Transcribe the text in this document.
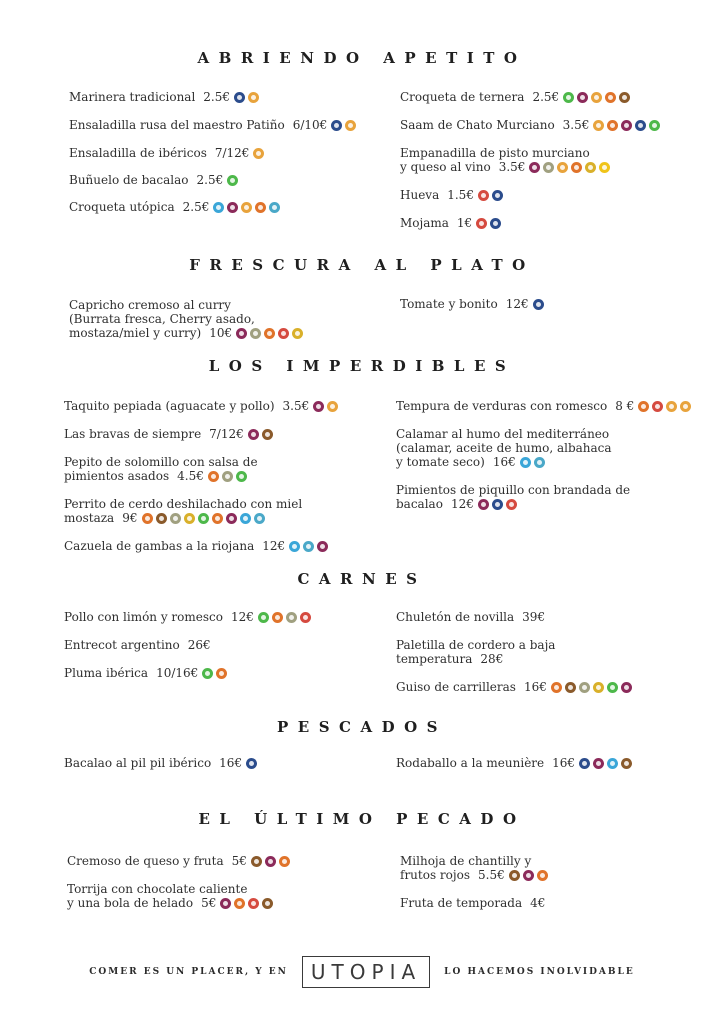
ABRIENDO APETITO
FRESCURA AL PLATO
LOS IMPERDIBLES
CARNES
PESCADOS
EL ÚLTIMO PECADO
Marinera tradicional 2.5€
Ensaladilla rusa del maestro Patiño 6/10€
Ensaladilla de ibéricos 7/12€
Buñuelo de bacalao 2.5€
Croqueta utópica 2.5€
Croqueta de ternera 2.5€
Saam de Chato Murciano 3.5€
Empanadilla de pisto murciano
y queso al vino 3.5€
Hueva 1.5€
Mojama 1€
Capricho cremoso al curry
(Burrata fresca, Cherry asado,
mostaza/miel y curry) 10€
Tomate y bonito 12€
Taquito pepiada (aguacate y pollo) 3.5€
Las bravas de siempre 7/12€
Pepito de solomillo con salsa de
pimientos asados 4.5€
Perrito de cerdo deshilachado con miel
mostaza 9€
Cazuela de gambas a la riojana 12€
Tempura de verduras con romesco 8 €
Calamar al humo del mediterráneo
(calamar, aceite de humo, albahaca
y tomate seco) 16€
Pimientos de piquillo con brandada de
bacalao 12€
Pollo con limón y romesco 12€
Entrecot argentino 26€
Pluma ibérica 10/16€
Chuletón de novilla 39€
Paletilla de cordero a baja
temperatura 28€
Guiso de carrilleras 16€
Bacalao al pil pil ibérico 16€	Rodaballo a la meunière 16€
Cremoso de queso y fruta 5€
Torrija con chocolate caliente
y una bola de helado 5€
Milhoja de chantilly y
frutos rojos 5.5€
Fruta de temporada 4€
COMER ES UN PLACER, Y EN	UTOPIA	LO HACEMOS INOLVIDABLE
